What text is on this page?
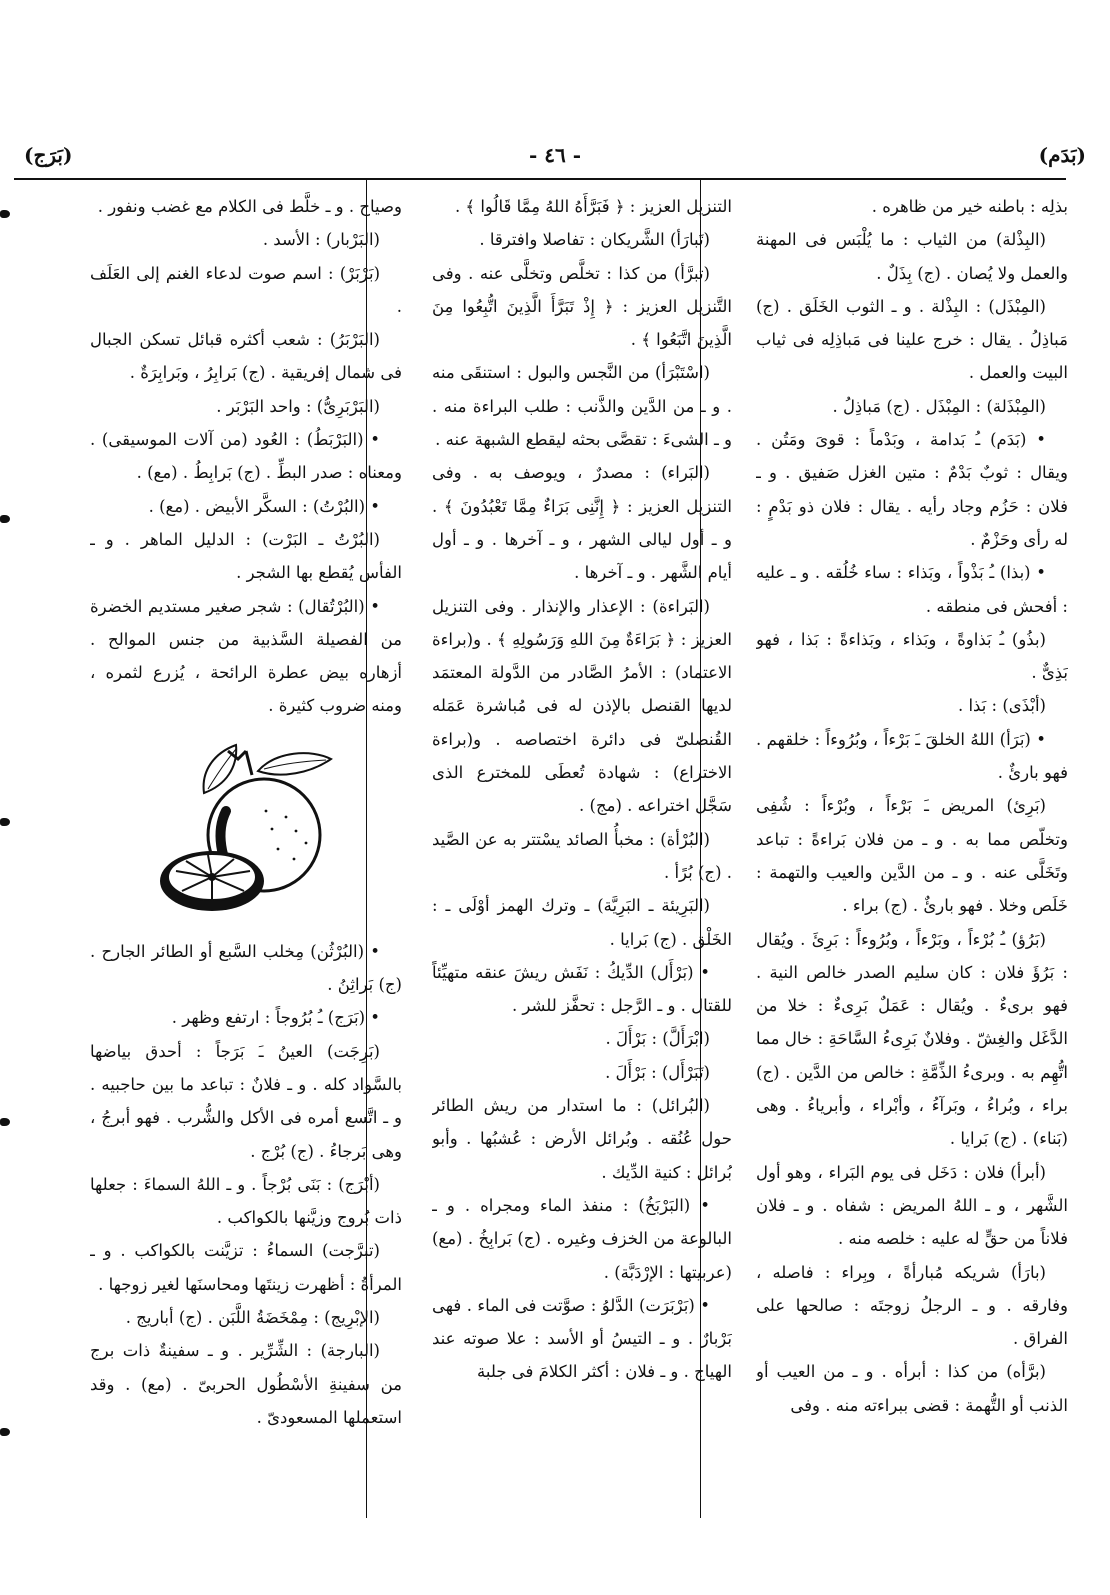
(بَدَم)
- ٤٦ -
(بَرَج)

بذلِه : باطنه خير من ظاهره .

(البِذْلة) من الثياب : ما يُلْبَس فى المهنة والعمل ولا يُصان . (ج) بِذَلٌ .

(المِبْذَل) : البِذْلة . و ـ الثوب الخَلَق . (ج) مَباذِلُ . يقال : خرج علينا فى مَباذِلِه فى ثياب البيت والعمل .

(المِبْذَلة) : المِبْذَل . (ج) مَباذِلُ .

• (بَدَم) ـُ بَدامة ، وبَدْماً : قوىَ ومَتُن . ويقال : ثوبٌ بَدْمٌ : متين الغزل صَفيق . و ـ فلان : حَزُم وجاد رأيه . يقال : فلان ذو بَدْمٍ : له رأى وحَزْمٌ .

• (بذا) ـُ بَذْواً ، وبَذاء : ساء خُلُقه . و ـ عليه : أفحش فى منطقه .

(بذُو) ـُ بَذاوةً ، وبَذاء ، وبَذاءةً : بَذا ، فهو بَذِىٌّ .

(أبْذَى) : بَذا .

• (بَرَأ) اللهُ الخلقَ ـَ بَرْءاً ، وبُرُوءاً : خلقهم . فهو بارئٌ .

(بَرِئ) المريض ـَ بَرْءاً ، وبُرْءاً : شُفِى وتخلّص مما به . و ـ من فلان بَراءةً : تباعد وتَخَلَّى عنه . و ـ من الدَّين والعيب والتهمة : خَلَص وخلا . فهو بارئٌ . (ج) براء .

(بَرُؤ) ـُ بُرْءاً ، وبَرْءاً ، وبُرُوءاً : بَرِئَ . ويُقال : بَرُؤَ فلان : كان سليم الصدر خالص النية . فهو برىءٌ . ويُقال : عَمَلٌ بَرِىءٌ : خلا من الدَّغَل والغِشّ . وفلانٌ بَرِىءُ السَّاحَةِ : خال مما اتُّهِم به . وبرىءُ الذِّمَّةِ : خالص من الدَّين . (ج) براء ، وبُراءُ ، وبَرآءُ ، وأبْراء ، وأبرياءُ . وهى (بَناء) . (ج) بَرايا .

(أبرأ) فلان : دَخَل فى يوم البَراء ، وهو أول الشَّهر ، و ـ اللهُ المريض : شفاه . و ـ فلان فلاناً من حقٍّ له عليه : خلصه منه .

(بارَأ) شريكه مُبارأةً ، وبِراء : فاصله ، وفارقه . و ـ الرجلُ زوجتَه : صالحها على الفراق .

(برَّأه) من كذا : أبرأه . و ـ من العيب أو الذنب أو التُّهمة : قضى ببراءته منه . وفى

التنزيل العزيز : ﴿ فَبَرَّأَهُ اللهُ مِمَّا قَالُوا ﴾ .

(تَبارَأ) الشَّريكان : تفاصلا وافترقا .

(تبرَّأ) من كذا : تخلَّص وتخلَّى عنه . وفى التَّنزيل العزيز : ﴿ إِذْ تَبَرَّأَ الَّذِينَ اتُّبِعُوا مِنَ الَّذِينَ اتَّبَعُوا ﴾ .

(اسْتَبْرَأ) من النَّجس والبول : استنقَى منه . و ـ من الدَّين والذَّنب : طلب البراءة منه . و ـ الشىءَ : تقصَّى بحثه ليقطع الشبهة عنه .

(البَراء) : مصدرٌ ، ويوصف به . وفى التنزيل العزيز : ﴿ إِنَّنِى بَرَاءٌ مِمَّا تَعْبُدُونَ ﴾ . و ـ أول ليالى الشهر ، و ـ آخرها . و ـ أول أيام الشَّهر . و ـ آخرها .

(البَراءة) : الإعذار والإنذار . وفى التنزيل العزيز : ﴿ بَرَاءَةٌ مِنَ اللهِ وَرَسُولِهِ ﴾ . و(براءة الاعتماد) : الأمرُ الصَّادر من الدَّولة المعتمَد لديها القنصل بالإذن له فى مُباشرة عَمَله القُنصلىّ فى دائرة اختصاصه . و(براءة الاختراع) : شهادة تُعطَى للمخترع الذى سَجَّل اختراعه . (مج) .

(البُرْأة) : مخبأُ الصائد يسْتتر به عن الصَّيد . (ج) بُرًأ .

(البَرِيئة ـ البَرِيَّة) ـ وترك الهمز أوْلَى ـ : الخَلْق . (ج) بَرايا .

• (بَرْأَل) الدِّيكُ : نَفَش ريشَ عنقه متهيِّئاً للقتال . و ـ الرَّجل : تحفَّز للشر .

(ابْرَأَلَّ) : بَرْأَلَ .

(تَبَرْأَل) : بَرْأَلَ .

(البُرائل) : ما استدار من ريش الطائر حول عُنُقه . وبُرائل الأرض : عُشبُها . وأبو بُرائل : كنية الدِّيك .

• (البَرْبَخُ) : منفذ الماء ومجراه . و ـ البالوعة من الخزف وغيره . (ج) بَرابِخُ . (مع) (عربيتها : الإرْدَبَّة) .

• (بَرْبَرَت) الدَّلوُ : صوَّتت فى الماء . فهى بَرْبارٌ . و ـ التيسُ أو الأسد : علا صوته عند الهياج . و ـ فلان : أكثر الكلامَ فى جلبة

وصياح . و ـ خلَّط فى الكلام مع غضب ونفور .

(البَرْبار) : الأسد .

(بَرْبَرْ) : اسم صوت لدعاء الغنم إلى العَلَف .

(البَرْبَرُ) : شعب أكثره قبائل تسكن الجبال فى شمال إفريقية . (ج) بَرابِرُ ، وبَرابِرَةٌ .

(البَرْبَرِىُّ) : واحد البَرْبَر .

• (البَرْبَطُ) : العُود (من آلات الموسيقى) . ومعناه : صدر البطِّ . (ج) بَرابِطُ . (مع) .

• (البُرْتُ) : السكَّر الأبيض . (مع) .

(البُرْتُ ـ البَرْت) : الدليل الماهر . و ـ الفأس يُقطع بها الشجر .

• (البُرْتُقال) : شجر صغير مستديم الخضرة من الفصيلة السَّذبية من جنس الموالح . أزهاره بيض عطرة الرائحة ، يُزرع لثمره ، ومنه ضروب كثيرة .

• (البُرْثُن) مِخلب السَّبع أو الطائر الجارح . (ج) بَراثِنُ .

• (بَرَج) ـُ بُرُوجاً : ارتفع وظهر .

(بَرِجَت) العينُ ـَ بَرَجاً : أحدق بياضها بالسَّواد كله . و ـ فلانٌ : تباعد ما بين حاجبيه . و ـ اتَّسع أمره فى الأكل والشُّرب . فهو أبرجُ ، وهى بَرجاءُ . (ج) بُرْج .

(أبْرَج) : بَنَى بُرْجاً . و ـ اللهُ السماءَ : جعلها ذات بُروج وزيَّنها بالكواكب .

(تبرَّجت) السماءُ : تزيَّنت بالكواكب . و ـ المرأةُ : أظهرت زينتَها ومحاسنَها لغير زوجها .

(الإبْرِيج) : مِمْخَضَةُ اللَّبَن . (ج) أباريج .

(البارجة) : الشِّرِّير . و ـ سفينةٌ ذات برج من سفينةِ الأسْطُول الحربىّ . (مع) . وقد استعملها المسعودىّ .
